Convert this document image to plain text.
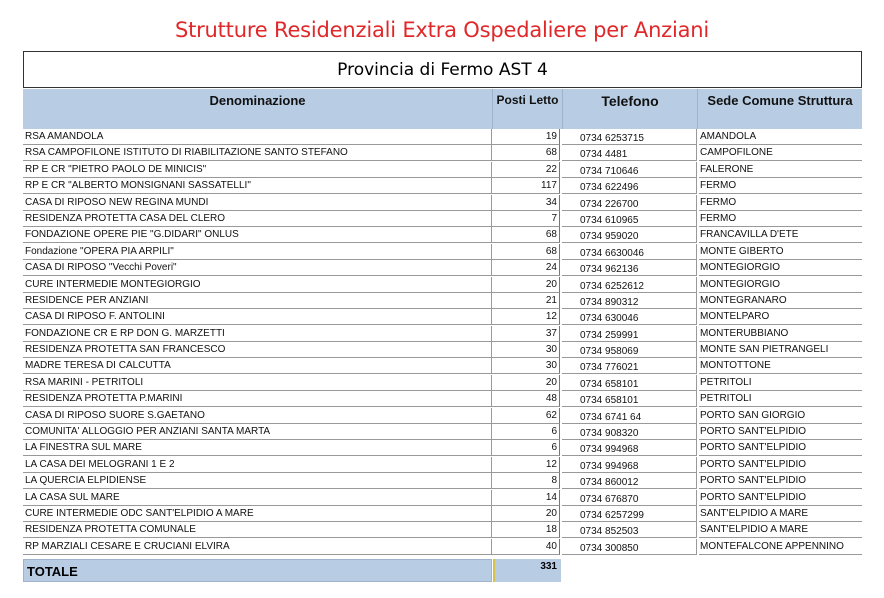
Strutture Residenziali Extra Ospedaliere per Anziani
Provincia di Fermo AST 4
Denominazione	Posti Letto	Telefono	Sede Comune Struttura
RSA AMANDOLA	19	0734 6253715	AMANDOLA
RSA CAMPOFILONE ISTITUTO DI RIABILITAZIONE SANTO STEFANO	68	0734 4481	CAMPOFILONE
RP E CR "PIETRO PAOLO DE MINICIS"	22	0734 710646	FALERONE
RP E CR "ALBERTO MONSIGNANI SASSATELLI"	117	0734 622496	FERMO
CASA DI RIPOSO NEW REGINA MUNDI	34	0734 226700	FERMO
RESIDENZA PROTETTA CASA DEL CLERO	7	0734 610965	FERMO
FONDAZIONE OPERE PIE "G.DIDARI" ONLUS	68	0734 959020	FRANCAVILLA D'ETE
Fondazione "OPERA PIA ARPILI"	68	0734 6630046	MONTE GIBERTO
CASA DI RIPOSO "Vecchi Poveri"	24	0734 962136	MONTEGIORGIO
CURE INTERMEDIE MONTEGIORGIO	20	0734 6252612	MONTEGIORGIO
RESIDENCE PER ANZIANI	21	0734 890312	MONTEGRANARO
CASA DI RIPOSO F. ANTOLINI	12	0734 630046	MONTELPARO
FONDAZIONE CR E RP DON G. MARZETTI	37	0734 259991	MONTERUBBIANO
RESIDENZA PROTETTA SAN FRANCESCO	30	0734 958069	MONTE SAN PIETRANGELI
MADRE TERESA DI CALCUTTA	30	0734 776021	MONTOTTONE
RSA MARINI - PETRITOLI	20	0734 658101	PETRITOLI
RESIDENZA PROTETTA P.MARINI	48	0734 658101	PETRITOLI
CASA DI RIPOSO SUORE S.GAETANO	62	0734 6741 64	PORTO SAN GIORGIO
COMUNITA' ALLOGGIO PER ANZIANI SANTA MARTA	6	0734 908320	PORTO SANT'ELPIDIO
LA FINESTRA SUL MARE	6	0734 994968	PORTO SANT'ELPIDIO
LA CASA DEI MELOGRANI 1 E 2	12	0734 994968	PORTO SANT'ELPIDIO
LA QUERCIA ELPIDIENSE	8	0734 860012	PORTO SANT'ELPIDIO
LA CASA SUL MARE	14	0734 676870	PORTO SANT'ELPIDIO
CURE INTERMEDIE ODC SANT'ELPIDIO A MARE	20	0734 6257299	SANT'ELPIDIO A MARE
RESIDENZA PROTETTA COMUNALE	18	0734 852503	SANT'ELPIDIO A MARE
RP MARZIALI CESARE E CRUCIANI ELVIRA	40	0734 300850	MONTEFALCONE APPENNINO
TOTALE	331
